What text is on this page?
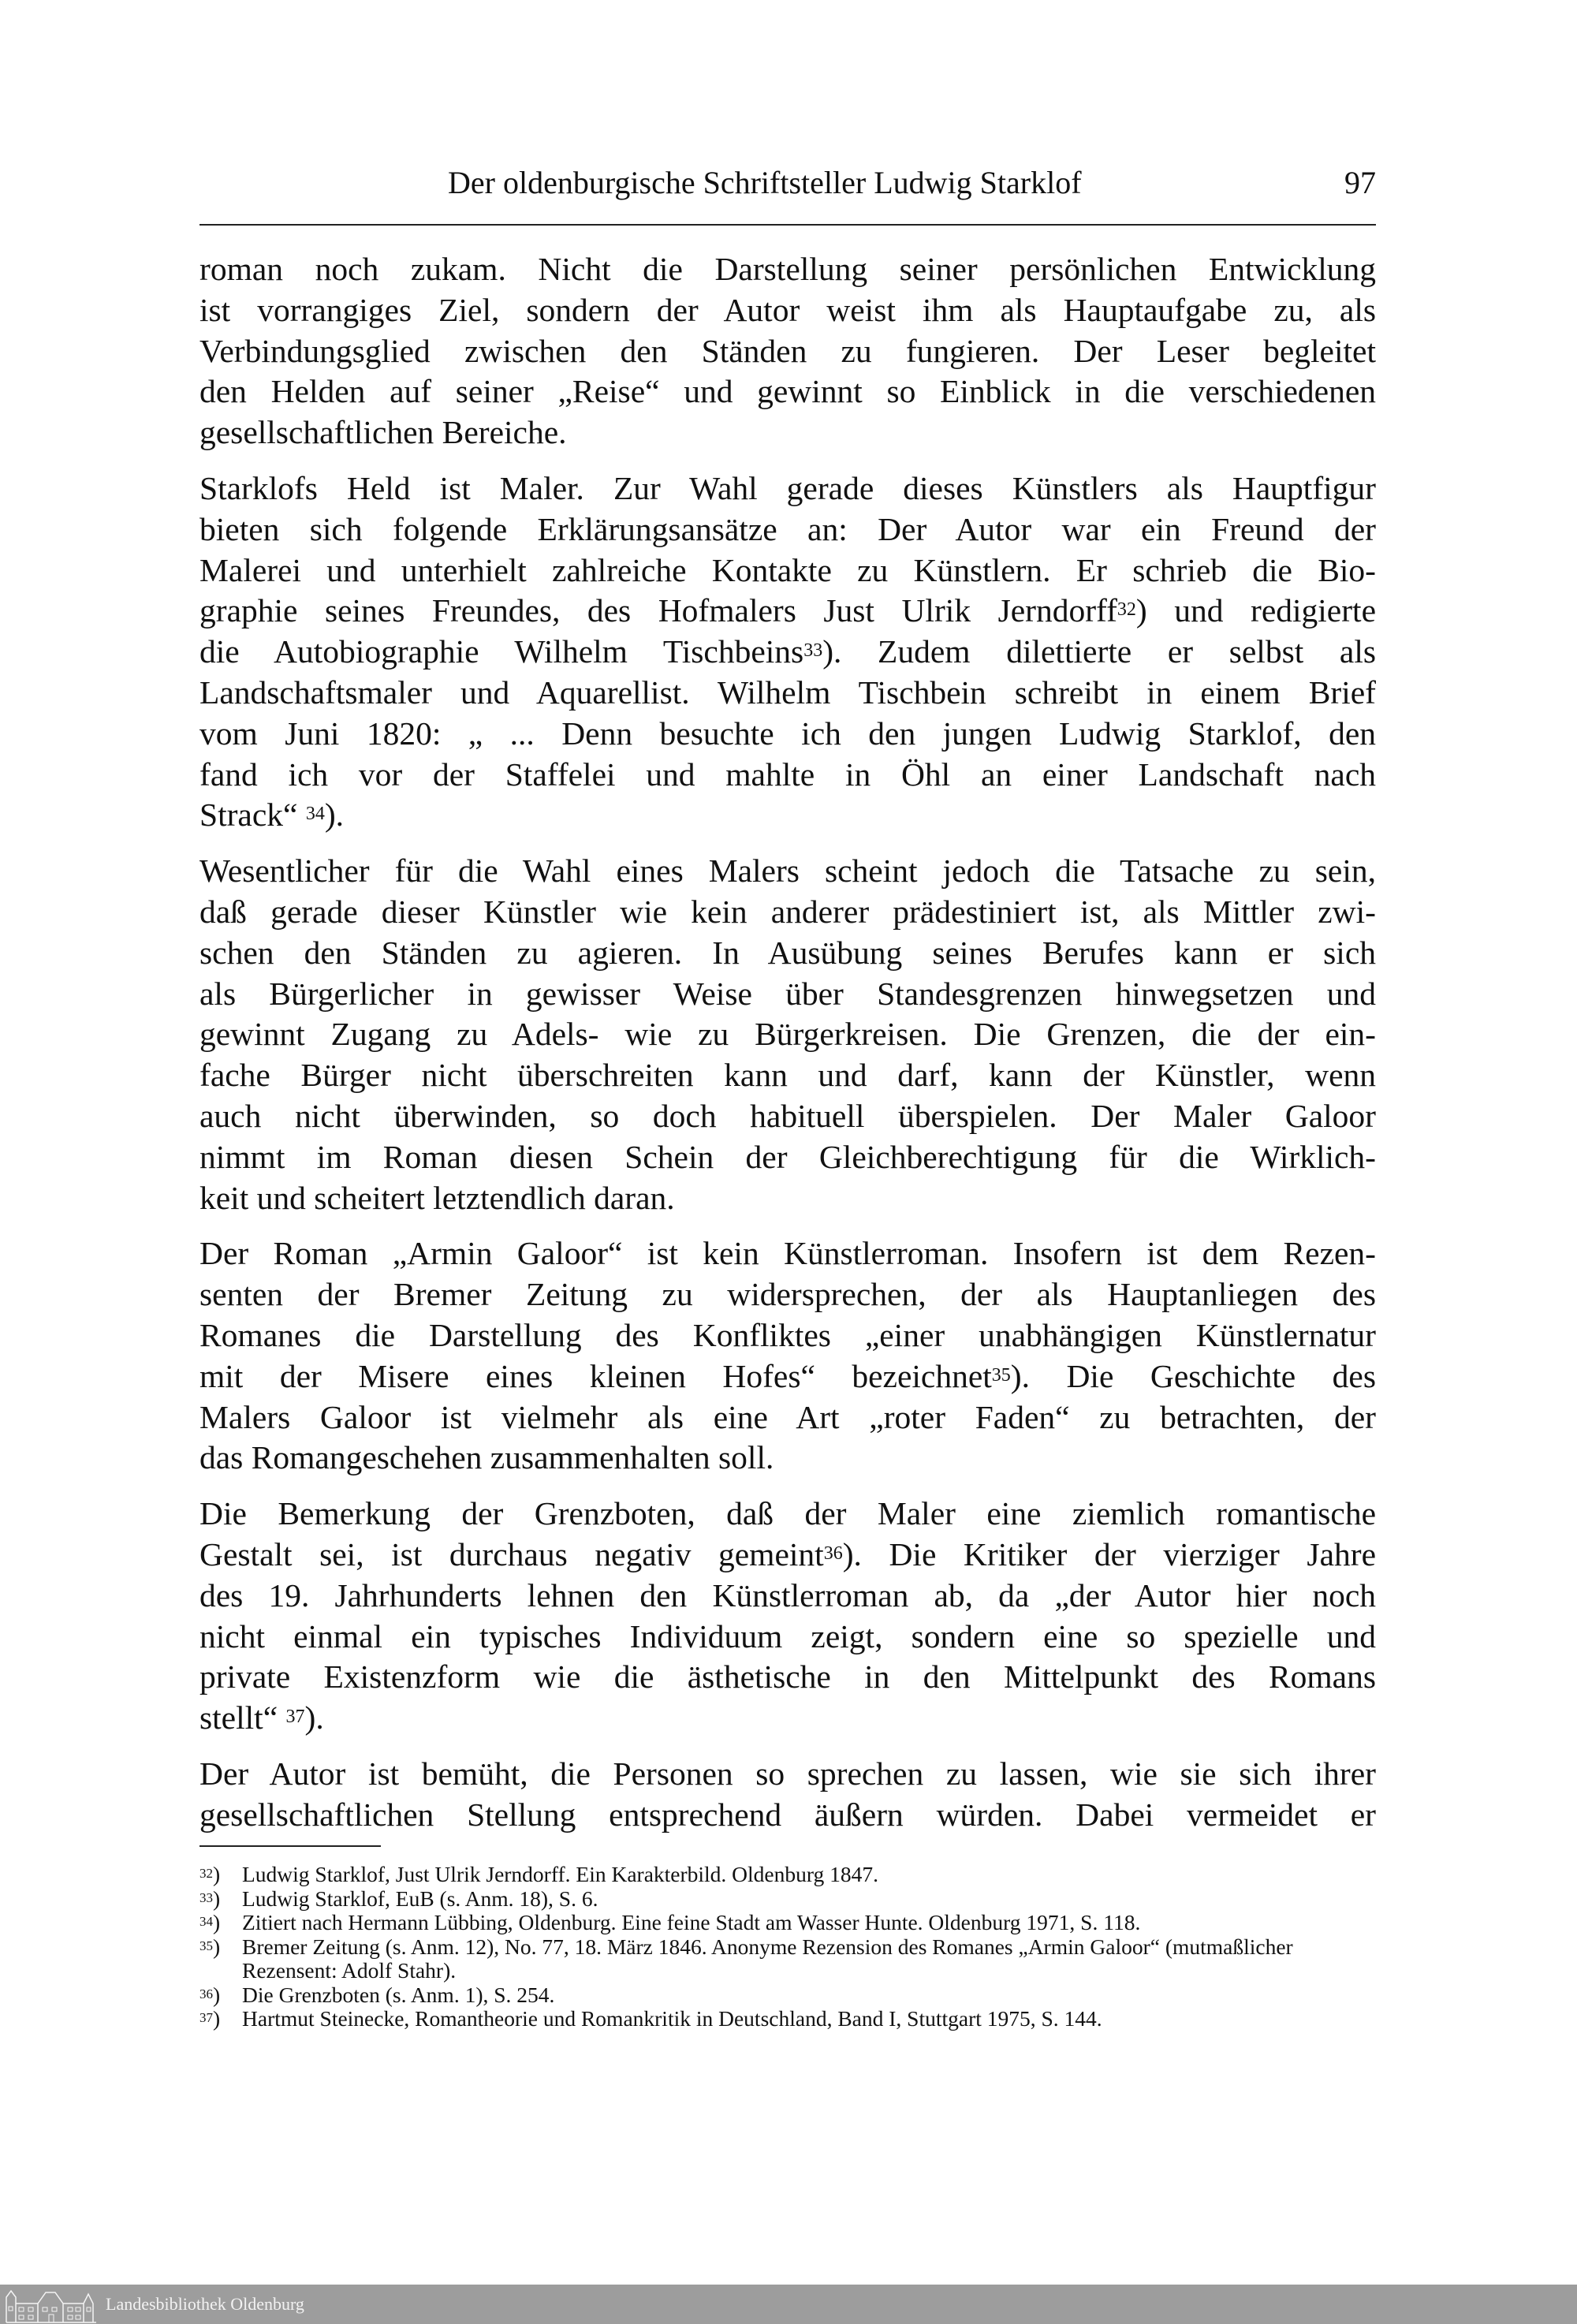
Der oldenburgische Schriftsteller Ludwig Starklof	97
roman noch zukam. Nicht die Darstellung seiner persönlichen Entwicklung
ist vorrangiges Ziel, sondern der Autor weist ihm als Hauptaufgabe zu, als
Verbindungsglied zwischen den Ständen zu fungieren. Der Leser begleitet
den Helden auf seiner „Reise“ und gewinnt so Einblick in die verschiedenen
gesellschaftlichen Bereiche.
Starklofs Held ist Maler. Zur Wahl gerade dieses Künstlers als Hauptfigur
bieten sich folgende Erklärungsansätze an: Der Autor war ein Freund der
Malerei und unterhielt zahlreiche Kontakte zu Künstlern. Er schrieb die Bio-
graphie seines Freundes, des Hofmalers Just Ulrik Jerndorff$^{32}$) und redigierte
die Autobiographie Wilhelm Tischbeins$^{33}$). Zudem dilettierte er selbst als
Landschaftsmaler und Aquarellist. Wilhelm Tischbein schreibt in einem Brief
vom Juni 1820: „ ... Denn besuchte ich den jungen Ludwig Starklof, den
fand ich vor der Staffelei und mahlte in Öhl an einer Landschaft nach
Strack“ $^{34}$).
Wesentlicher für die Wahl eines Malers scheint jedoch die Tatsache zu sein,
daß gerade dieser Künstler wie kein anderer prädestiniert ist, als Mittler zwi-
schen den Ständen zu agieren. In Ausübung seines Berufes kann er sich
als Bürgerlicher in gewisser Weise über Standesgrenzen hinwegsetzen und
gewinnt Zugang zu Adels- wie zu Bürgerkreisen. Die Grenzen, die der ein-
fache Bürger nicht überschreiten kann und darf, kann der Künstler, wenn
auch nicht überwinden, so doch habituell überspielen. Der Maler Galoor
nimmt im Roman diesen Schein der Gleichberechtigung für die Wirklich-
keit und scheitert letztendlich daran.
Der Roman „Armin Galoor“ ist kein Künstlerroman. Insofern ist dem Rezen-
senten der Bremer Zeitung zu widersprechen, der als Hauptanliegen des
Romanes die Darstellung des Konfliktes „einer unabhängigen Künstlernatur
mit der Misere eines kleinen Hofes“ bezeichnet$^{35}$). Die Geschichte des
Malers Galoor ist vielmehr als eine Art „roter Faden“ zu betrachten, der
das Romangeschehen zusammenhalten soll.
Die Bemerkung der Grenzboten, daß der Maler eine ziemlich romantische
Gestalt sei, ist durchaus negativ gemeint$^{36}$). Die Kritiker der vierziger Jahre
des 19. Jahrhunderts lehnen den Künstlerroman ab, da „der Autor hier noch
nicht einmal ein typisches Individuum zeigt, sondern eine so spezielle und
private Existenzform wie die ästhetische in den Mittelpunkt des Romans
stellt“ $^{37}$).
Der Autor ist bemüht, die Personen so sprechen zu lassen, wie sie sich ihrer
gesellschaftlichen Stellung entsprechend äußern würden. Dabei vermeidet er
$^{32}$) Ludwig Starklof, Just Ulrik Jerndorff. Ein Karakterbild. Oldenburg 1847.
$^{33}$) Ludwig Starklof, EuB (s. Anm. 18), S. 6.
$^{34}$) Zitiert nach Hermann Lübbing, Oldenburg. Eine feine Stadt am Wasser Hunte. Oldenburg 1971, S. 118.
$^{35}$) Bremer Zeitung (s. Anm. 12), No. 77, 18. März 1846. Anonyme Rezension des Romanes „Armin Galoor“ (mutmaßlicher Rezensent: Adolf Stahr).
$^{36}$) Die Grenzboten (s. Anm. 1), S. 254.
$^{37}$) Hartmut Steinecke, Romantheorie und Romankritik in Deutschland, Band I, Stuttgart 1975, S. 144.
Landesbibliothek Oldenburg
